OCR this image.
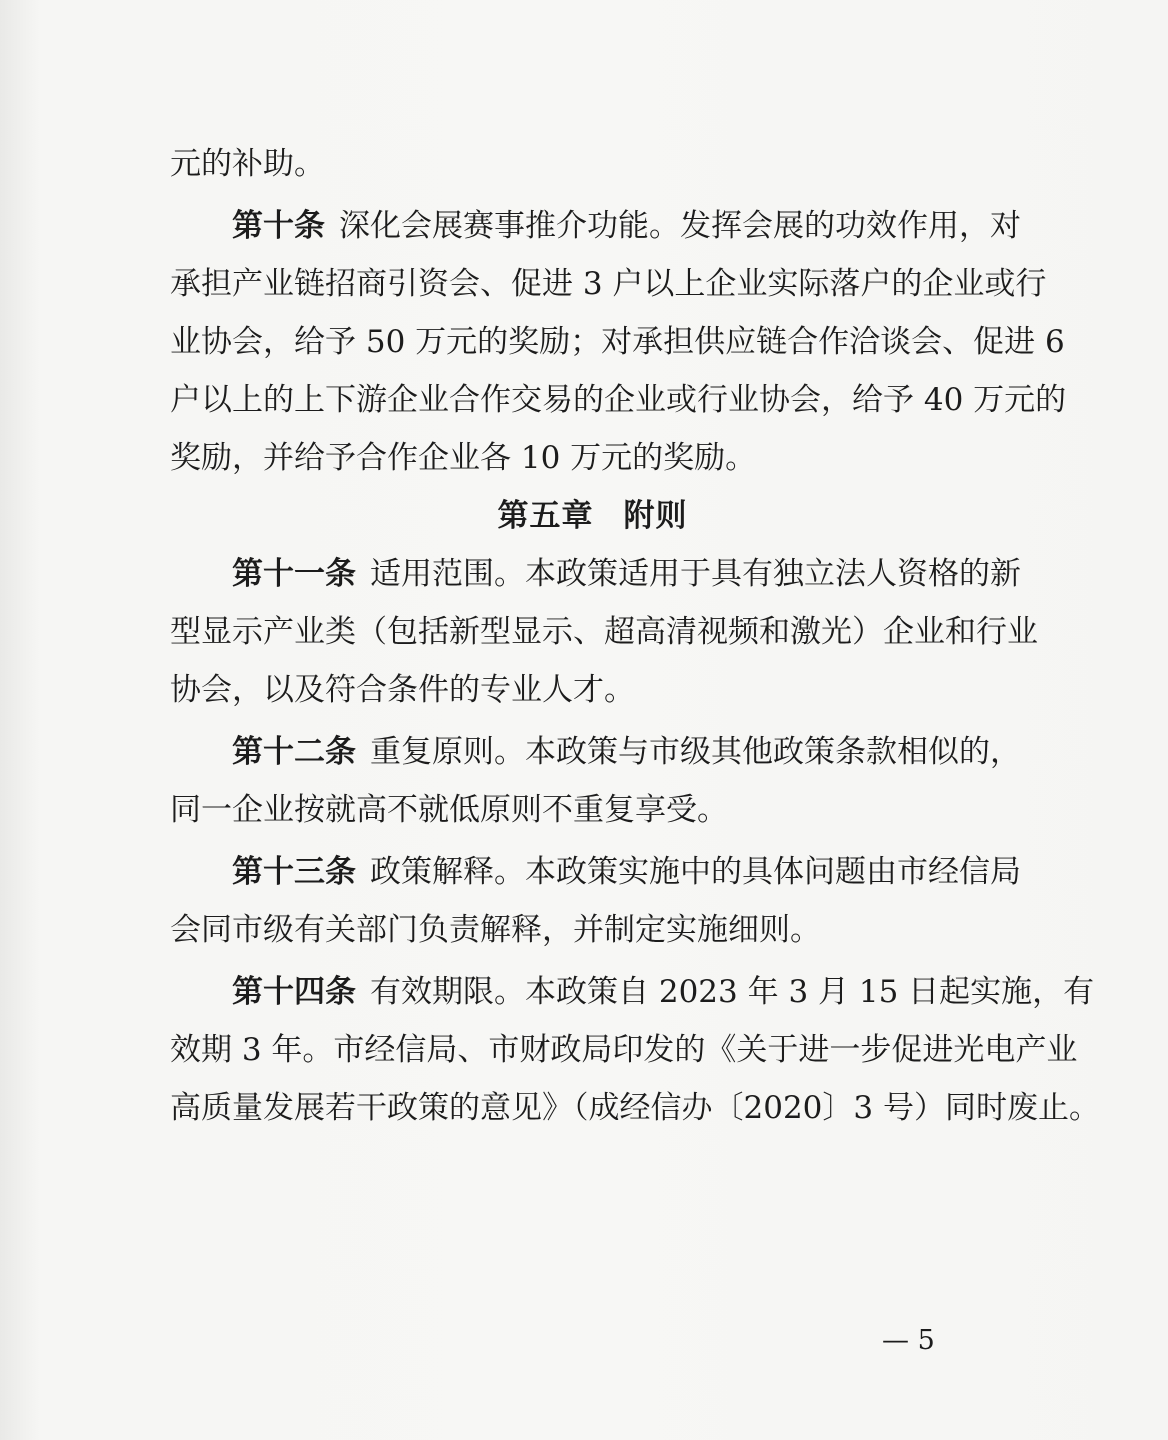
元的补助。
第十条 深化会展赛事推介功能。发挥会展的功效作用，对
承担产业链招商引资会、促进 3 户以上企业实际落户的企业或行
业协会，给予 50 万元的奖励；对承担供应链合作洽谈会、促进 6
户以上的上下游企业合作交易的企业或行业协会，给予 40 万元的
奖励，并给予合作企业各 10 万元的奖励。
第五章 附则
第十一条 适用范围。本政策适用于具有独立法人资格的新
型显示产业类（包括新型显示、超高清视频和激光）企业和行业
协会，以及符合条件的专业人才。
第十二条 重复原则。本政策与市级其他政策条款相似的，
同一企业按就高不就低原则不重复享受。
第十三条 政策解释。本政策实施中的具体问题由市经信局
会同市级有关部门负责解释，并制定实施细则。
第十四条 有效期限。本政策自 2023 年 3 月 15 日起实施，有
效期 3 年。市经信局、市财政局印发的《关于进一步促进光电产业
高质量发展若干政策的意见》（成经信办〔2020〕3 号）同时废止。
— 5
